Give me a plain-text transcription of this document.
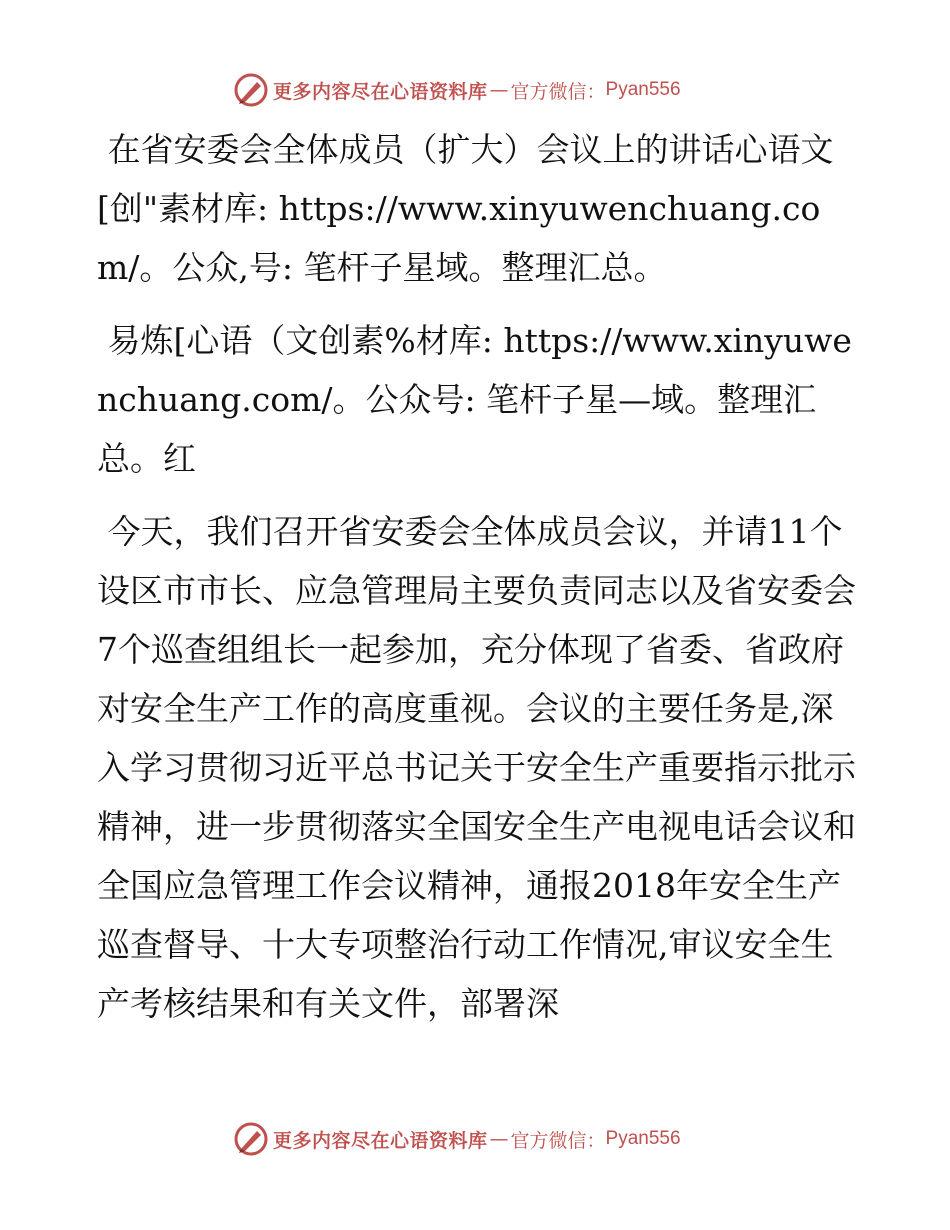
更多内容尽在心语资料库 — 官方微信： Pyan556

在省安委会全体成员（扩大）会议上的讲话心语文[创"素材库: https://www.xinyuwenchuang.com/。公众,号: 笔杆子星域。整理汇总。

易炼[心语（文创素%材库: https://www.xinyuwenchuang.com/。公众号: 笔杆子星—域。整理汇总。红

今天，我们召开省安委会全体成员会议，并请11个设区市市长、应急管理局主要负责同志以及省安委会7个巡查组组长一起参加，充分体现了省委、省政府对安全生产工作的高度重视。会议的主要任务是,深入学习贯彻习近平总书记关于安全生产重要指示批示精神，进一步贯彻落实全国安全生产电视电话会议和全国应急管理工作会议精神，通报2018年安全生产巡查督导、十大专项整治行动工作情况,审议安全生产考核结果和有关文件，部署深

更多内容尽在心语资料库 — 官方微信： Pyan556
